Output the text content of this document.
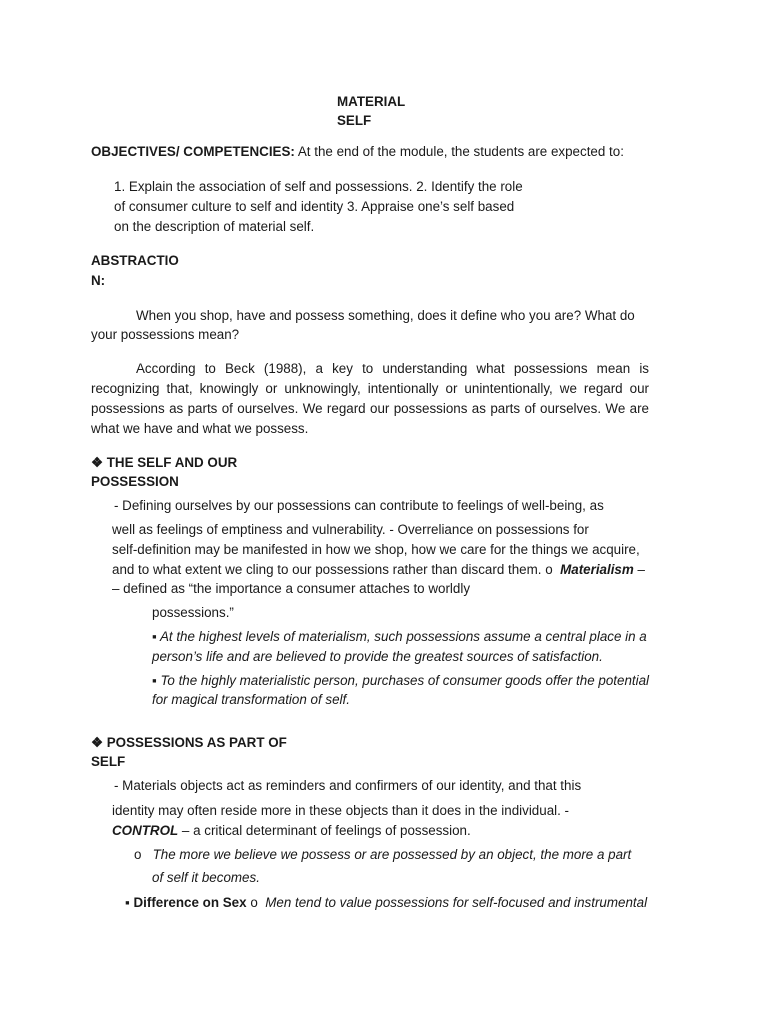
MATERIAL
SELF
OBJECTIVES/ COMPETENCIES: At the end of the module, the students are expected to:
1. Explain the association of self and possessions. 2. Identify the role
of consumer culture to self and identity 3. Appraise one’s self based
on the description of material self.
ABSTRACTIO
N:
When you shop, have and possess something, does it define who you are? What do
your possessions mean?
According to Beck (1988), a key to understanding what possessions mean is
recognizing that, knowingly or unknowingly, intentionally or unintentionally, we regard our
possessions as parts of ourselves. We regard our possessions as parts of ourselves. We are
what we have and what we possess.
❖ THE SELF AND OUR
POSSESSION
- Defining ourselves by our possessions can contribute to feelings of well-being, as
well as feelings of emptiness and vulnerability. - Overreliance on possessions for
self-definition may be manifested in how we shop, how we care for the things we acquire,
and to what extent we cling to our possessions rather than discard them. o Materialism –
– defined as “the importance a consumer attaches to worldly
possessions.”
▪ At the highest levels of materialism, such possessions assume a central place in a
person’s life and are believed to provide the greatest sources of satisfaction.
▪ To the highly materialistic person, purchases of consumer goods offer the potential
for magical transformation of self.
❖ POSSESSIONS AS PART OF
SELF
- Materials objects act as reminders and confirmers of our identity, and that this
identity may often reside more in these objects than it does in the individual. -
CONTROL – a critical determinant of feelings of possession.
o The more we believe we possess or are possessed by an object, the more a part
of self it becomes.
▪ Difference on Sex o Men tend to value possessions for self-focused and instrumental
